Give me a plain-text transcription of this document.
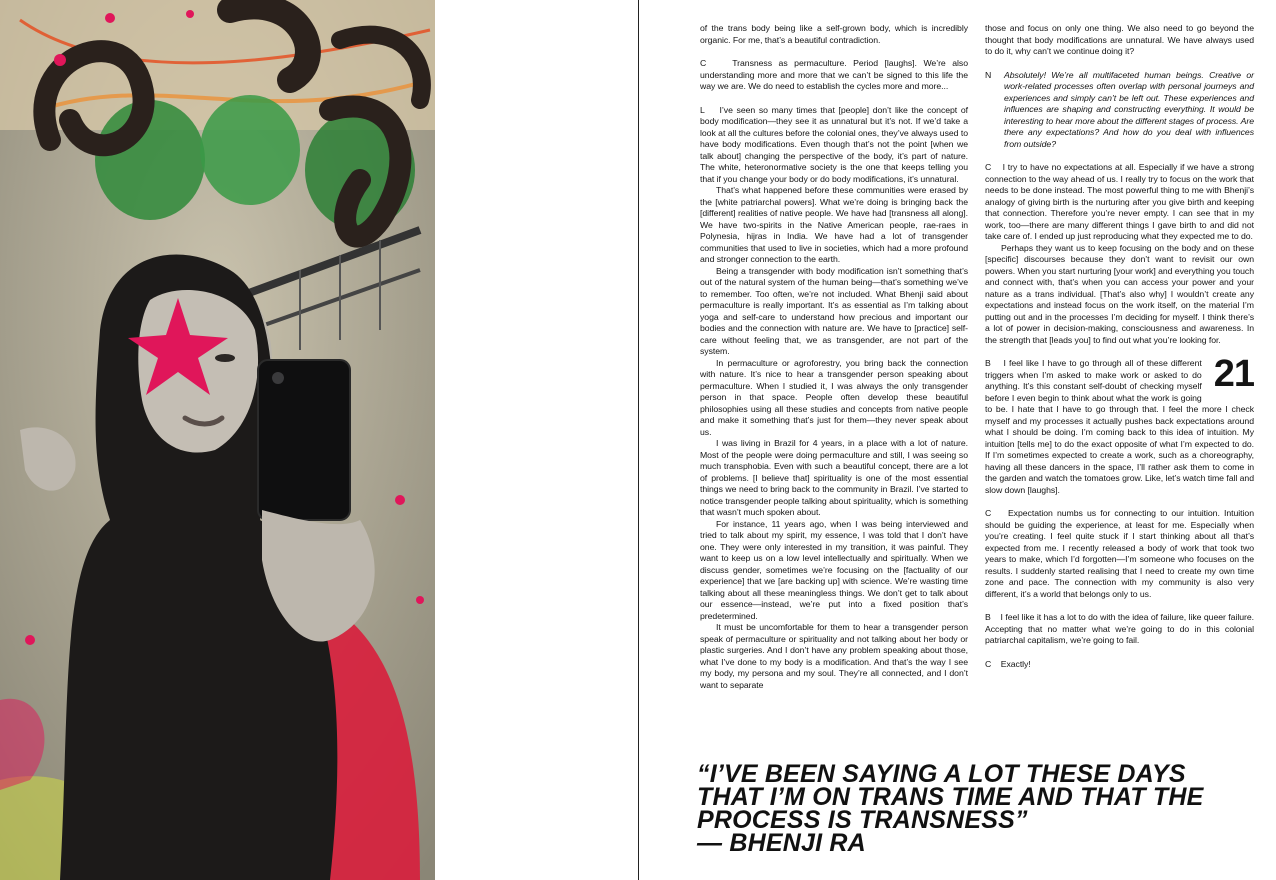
of the trans body being like a self-grown body, which is incredibly organic. For me, that’s a beautiful contradiction.

C	Transness as permaculture. Period [laughs]. We’re also understanding more and more that we can’t be signed to this life the way we are. We do need to establish the cycles more and more...

L I’ve seen so many times that [people] don’t like the concept of body modification—they see it as unnatural but it’s not. If we’d take a look at all the cultures before the colonial ones, they’ve always used to have body modifications. Even though that’s not the point [when we talk about] changing the perspective of the body, it’s part of nature. The white, heteronormative society is the one that keeps telling you that if you change your body or do body modifications, it’s unnatural.

That’s what happened before these communities were erased by the [white patriarchal powers]. What we’re doing is bringing back the [different] realities of native people. We have had [transness all along]. We have two-spirits in the Native American people, rae-raes in Polynesia, hijras in India. We have had a lot of transgender communities that used to live in societies, which had a more profound and stronger connection to the earth.

Being a transgender with body modification isn’t something that’s out of the natural system of the human being—that’s something we’ve to remember. Too often, we’re not included. What Bhenji said about permaculture is really important. It’s as essential as I’m talking about yoga and self-care to understand how precious and important our bodies and the connection with nature are. We have to [practice] self-care without feeling that, we as transgender, are not part of the system.

In permaculture or agroforestry, you bring back the connection with nature. It’s nice to hear a transgender person speaking about permaculture. When I studied it, I was always the only transgender person in that space. People often develop these beautiful philosophies using all these studies and concepts from native people and make it something that’s just for them—they never speak about us.

I was living in Brazil for 4 years, in a place with a lot of nature. Most of the people were doing permaculture and still, I was seeing so much transphobia. Even with such a beautiful concept, there are a lot of problems. [I believe that] spirituality is one of the most essential things we need to bring back to the community in Brazil. I’ve started to notice transgender people talking about spirituality, which is something that wasn’t much spoken about.

For instance, 11 years ago, when I was being interviewed and tried to talk about my spirit, my essence, I was told that I don’t have one. They were only interested in my transition, it was painful. They want to keep us on a low level intellectually and spiritually. When we discuss gender, sometimes we’re focusing on the [factuality of our experience] that we [are backing up] with science. We’re wasting time talking about all these meaningless things. We don’t get to talk about our essence—instead, we’re put into a fixed position that’s predetermined.

It must be uncomfortable for them to hear a transgender person speak of permaculture or spirituality and not talking about her body or plastic surgeries. And I don’t have any problem speaking about those, what I’ve done to my body is a modification. And that’s the way I see my body, my persona and my soul. They’re all connected, and I don’t want to separate

those and focus on only one thing. We also need to go beyond the thought that body modifications are unnatural. We have always used to do it, why can’t we continue doing it?

N Absolutely! We’re all multifaceted human beings. Creative or work-related processes often overlap with personal journeys and experiences and simply can’t be left out. These experiences and influences are shaping and constructing everything. It would be interesting to hear more about the different stages of process. Are there any expectations? And how do you deal with influences from outside?

C I try to have no expectations at all. Especially if we have a strong connection to the way ahead of us. I really try to focus on the work that needs to be done instead. The most powerful thing to me with Bhenji’s analogy of giving birth is the nurturing after you give birth and keeping that connection. Therefore you’re never empty. I can see that in my work, too—there are many different things I gave birth to and did not take care of. I ended up just reproducing what they expected me to do.

Perhaps they want us to keep focusing on the body and on these [specific] discourses because they don’t want to revisit our own powers. When you start nurturing [your work] and everything you touch and connect with, that’s when you can access your power and your nature as a trans individual. [That’s also why] I wouldn’t create any expectations and instead focus on the work itself, on the material I’m putting out and in the processes I’m deciding for myself. I think there’s a lot of power in decision-making, consciousness and awareness. In the strength that [leads you] to find out what you’re looking for.

21
B I feel like I have to go through all of these different triggers when I’m asked to make work or asked to do anything. It’s this constant self-doubt of checking myself before I even begin to think about what the work is going to be. I hate that I have to go through that. I feel the more I check myself and my processes it actually pushes back expectations around what I should be doing. I’m coming back to this idea of intuition. My intuition [tells me] to do the exact opposite of what I’m expected to do. If I’m sometimes expected to create a work, such as a choreography, having all these dancers in the space, I’ll rather ask them to come in the garden and watch the tomatoes grow. Like, let’s watch time fall and slow down [laughs].

C Expectation numbs us for connecting to our intuition. Intuition should be guiding the experience, at least for me. Especially when you’re creating. I feel quite stuck if I start thinking about all that’s expected from me. I recently released a body of work that took two years to make, which I’d forgotten—I’m someone who focuses on the results. I suddenly started realising that I need to create my own time zone and pace. The connection with my community is also very different, it’s a world that belongs only to us.

B I feel like it has a lot to do with the idea of failure, like queer failure. Accepting that no matter what we’re going to do in this colonial patriarchal capitalism, we’re going to fail.

C Exactly!

“I’VE BEEN SAYING A LOT THESE DAYS THAT I’M ON TRANS TIME AND THAT THE PROCESS IS TRANSNESS”
— BHENJI RA
